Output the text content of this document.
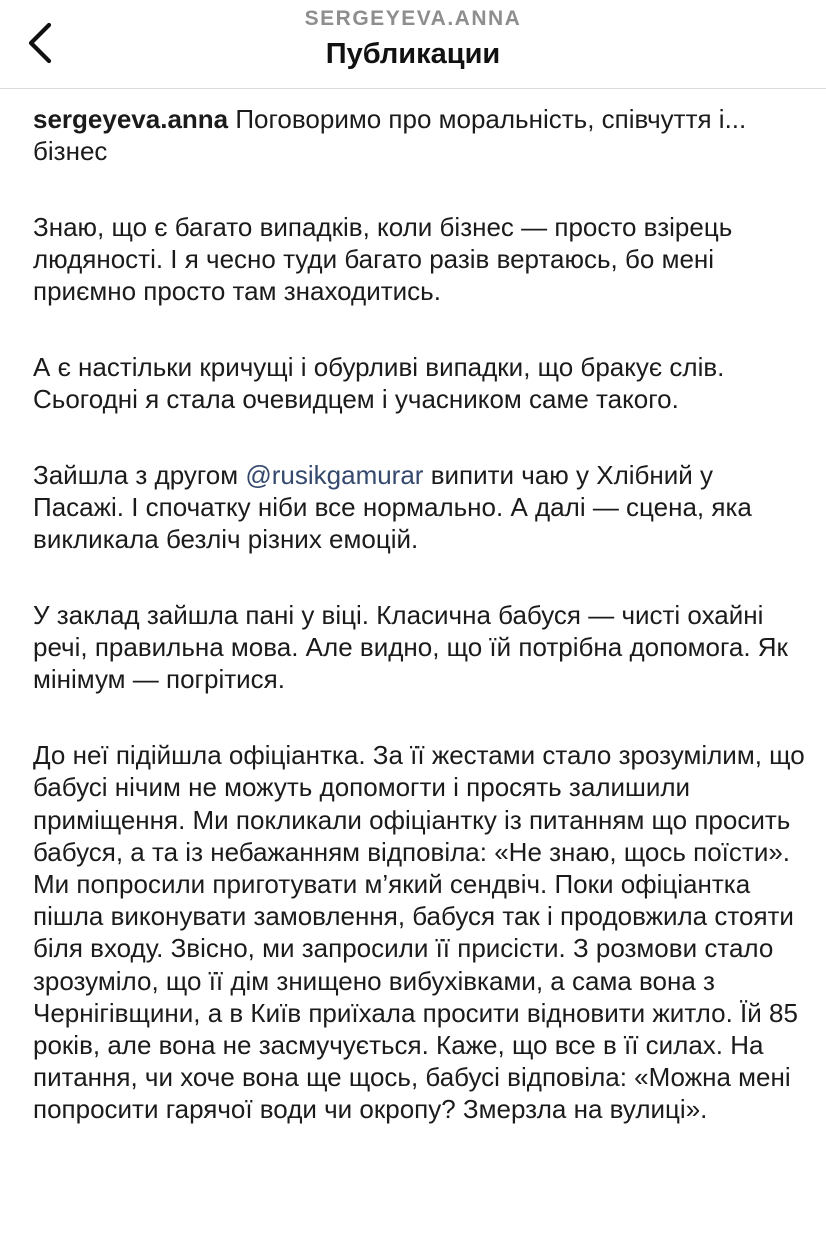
SERGEYEVA.ANNA
Публикации

sergeyeva.anna Поговоримо про моральність, співчуття і... бізнес

Знаю, що є багато випадків, коли бізнес — просто взірець людяності. І я чесно туди багато разів вертаюсь, бо мені приємно просто там знаходитись.

А є настільки кричущі і обурливі випадки, що бракує слів. Сьогодні я стала очевидцем і учасником саме такого.

Зайшла з другом @rusikgamurar випити чаю у Хлібний у Пасажі. І спочатку ніби все нормально. А далі — сцена, яка викликала безліч різних емоцій.

У заклад зайшла пані у віці. Класична бабуся — чисті охайні речі, правильна мова. Але видно, що їй потрібна допомога. Як мінімум — погрітися.

До неї підійшла офіціантка. За її жестами стало зрозумілим, що бабусі нічим не можуть допомогти і просять залишили приміщення. Ми покликали офіціантку із питанням що просить бабуся, а та із небажанням відповіла: «Не знаю, щось поїсти». Ми попросили приготувати м’який сендвіч. Поки офіціантка пішла виконувати замовлення, бабуся так і продовжила стояти біля входу. Звісно, ми запросили її присісти. З розмови стало зрозуміло, що її дім знищено вибухівками, а сама вона з Чернігівщини, а в Київ приїхала просити відновити житло. Їй 85 років, але вона не засмучується. Каже, що все в її силах. На питання, чи хоче вона ще щось, бабусі відповіла: «Можна мені попросити гарячої води чи окропу? Змерзла на вулиці».
